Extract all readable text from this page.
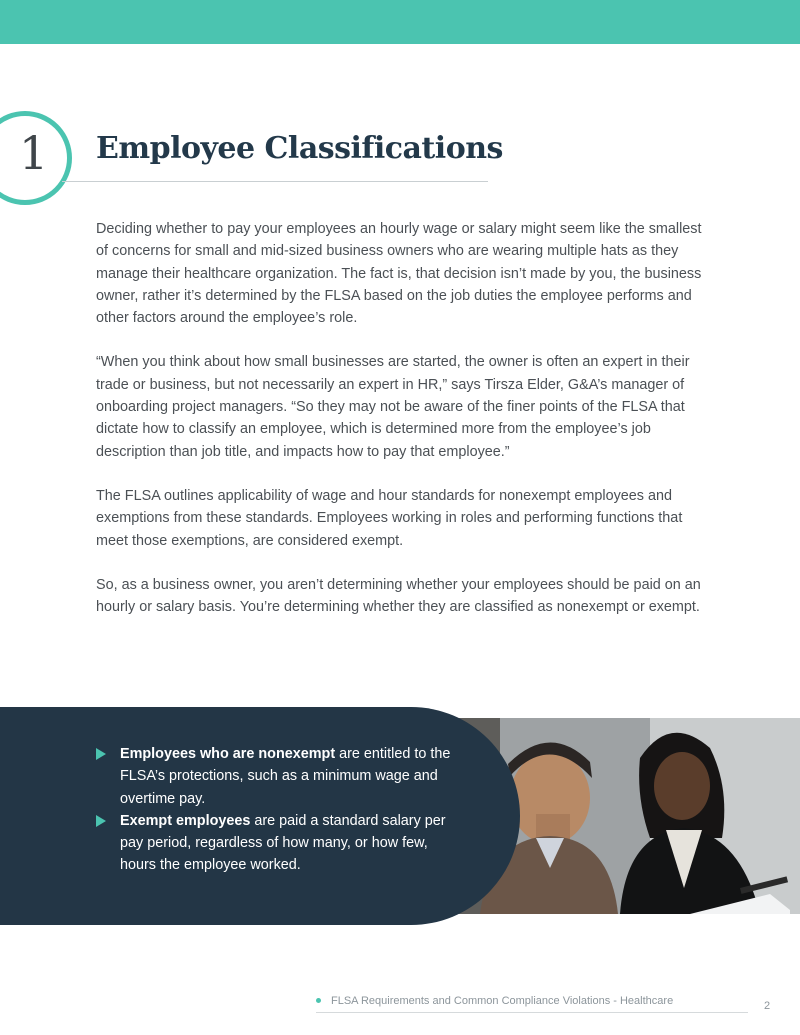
1 Employee Classifications

Deciding whether to pay your employees an hourly wage or salary might seem like the smallest of concerns for small and mid-sized business owners who are wearing multiple hats as they manage their healthcare organization. The fact is, that decision isn’t made by you, the business owner, rather it’s determined by the FLSA based on the job duties the employee performs and other factors around the employee’s role.

“When you think about how small businesses are started, the owner is often an expert in their trade or business, but not necessarily an expert in HR,” says Tirsza Elder, G&A’s manager of onboarding project managers. “So they may not be aware of the finer points of the FLSA that dictate how to classify an employee, which is determined more from the employee’s job description than job title, and impacts how to pay that employee.”

The FLSA outlines applicability of wage and hour standards for nonexempt employees and exemptions from these standards. Employees working in roles and performing functions that meet those exemptions, are considered exempt.

So, as a business owner, you aren’t determining whether your employees should be paid on an hourly or salary basis. You’re determining whether they are classified as nonexempt or exempt.

Employees who are nonexempt are entitled to the FLSA’s protections, such as a minimum wage and overtime pay.
Exempt employees are paid a standard salary per pay period, regardless of how many, or how few, hours the employee worked.
FLSA Requirements and Common Compliance Violations - Healthcare	2
